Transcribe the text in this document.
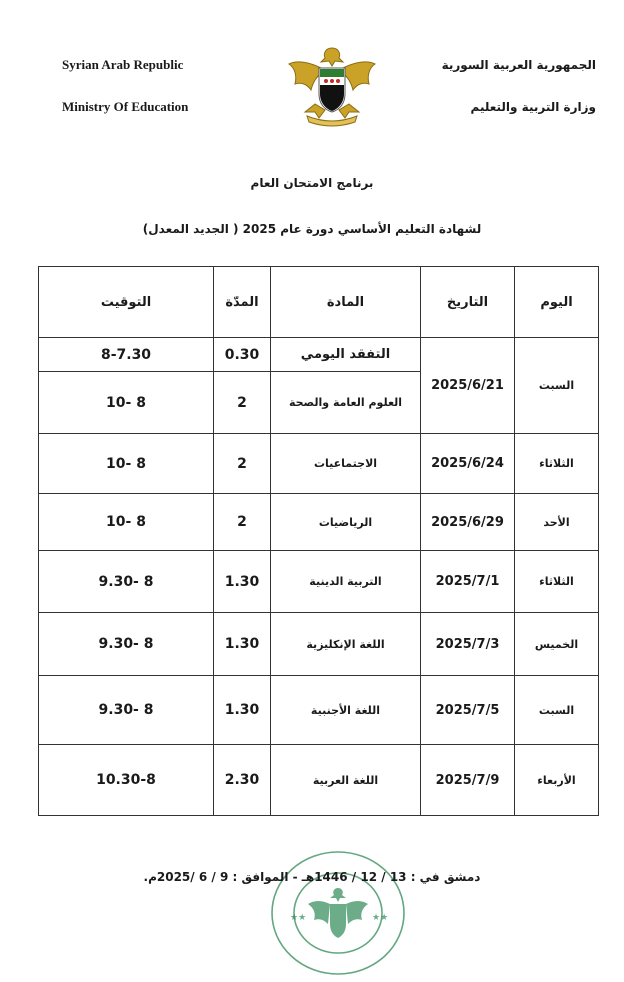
Syrian Arab Republic
Ministry Of Education
الجمهورية العربية السورية
وزارة التربية والتعليم
برنامج الامتحان العام
لشهادة التعليم الأساسي دورة عام 2025 ( الجديد المعدل)
اليوم	التاريخ	المادة	المدّة	التوقيت
السبت	2025/6/21	التفقد اليومي	0.30	8-7.30
		العلوم العامة والصحة	2	10- 8
الثلاثاء	2025/6/24	الاجتماعيات	2	10- 8
الأحد	2025/6/29	الرياضيات	2	10- 8
الثلاثاء	2025/7/1	التربية الدينية	1.30	9.30- 8
الخميس	2025/7/3	اللغة الإنكليزية	1.30	9.30- 8
السبت	2025/7/5	اللغة الأجنبية	1.30	9.30- 8
الأربعاء	2025/7/9	اللغة العربية	2.30	10.30-8
★★	★★
دمشق في : 13 / 12 / 1446هـ - الموافق : 9 / 6 /2025م.
